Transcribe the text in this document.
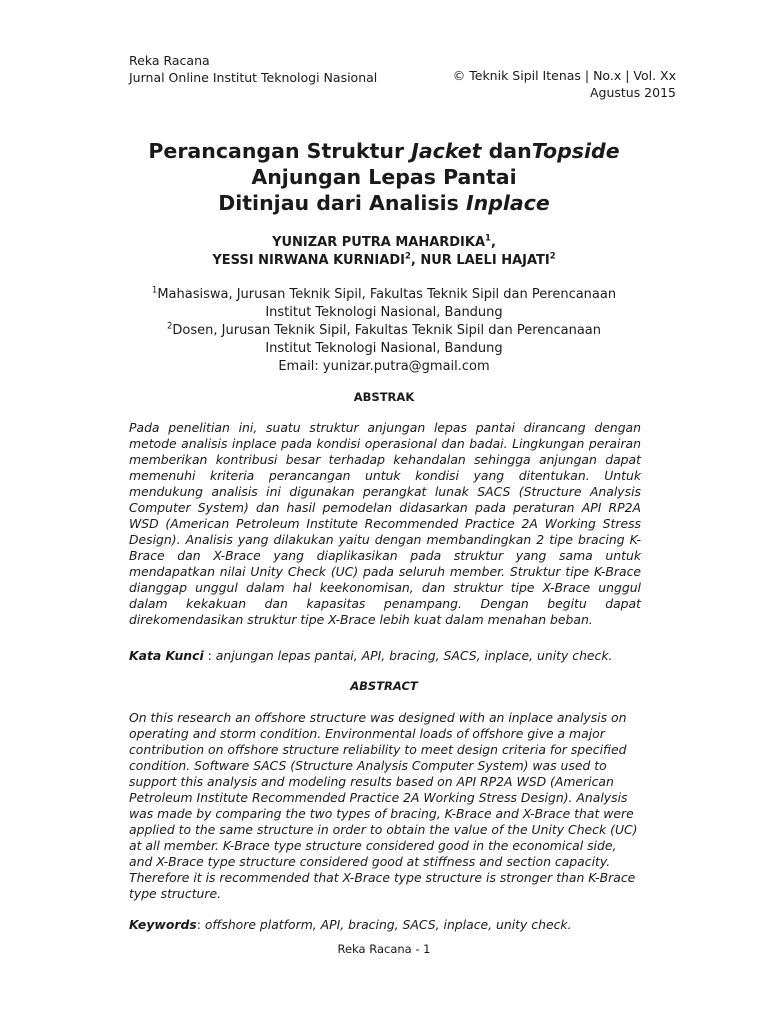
Reka Racana
Jurnal Online Institut Teknologi Nasional	© Teknik Sipil Itenas | No.x | Vol. Xx
Agustus 2015
Perancangan Struktur Jacket danTopside
Anjungan Lepas Pantai
Ditinjau dari Analisis Inplace
YUNIZAR PUTRA MAHARDIKA$^1$,
YESSI NIRWANA KURNIADI$^2$, NUR LAELI HAJATI$^2$
$^1$Mahasiswa, Jurusan Teknik Sipil, Fakultas Teknik Sipil dan Perencanaan
Institut Teknologi Nasional, Bandung
$^2$Dosen, Jurusan Teknik Sipil, Fakultas Teknik Sipil dan Perencanaan
Institut Teknologi Nasional, Bandung
Email: yunizar.putra@gmail.com
ABSTRAK
Pada penelitian ini, suatu struktur anjungan lepas pantai dirancang dengan metode analisis inplace pada kondisi operasional dan badai. Lingkungan perairan memberikan kontribusi besar terhadap kehandalan sehingga anjungan dapat memenuhi kriteria perancangan untuk kondisi yang ditentukan. Untuk mendukung analisis ini digunakan perangkat lunak SACS (Structure Analysis Computer System) dan hasil pemodelan didasarkan pada peraturan API RP2A WSD (American Petroleum Institute Recommended Practice 2A Working Stress Design). Analisis yang dilakukan yaitu dengan membandingkan 2 tipe bracing K-Brace dan X-Brace yang diaplikasikan pada struktur yang sama untuk mendapatkan nilai Unity Check (UC) pada seluruh member. Struktur tipe K-Brace dianggap unggul dalam hal keekonomisan, dan struktur tipe X-Brace unggul dalam kekakuan dan kapasitas penampang. Dengan begitu dapat direkomendasikan struktur tipe X-Brace lebih kuat dalam menahan beban.
Kata Kunci : anjungan lepas pantai, API, bracing, SACS, inplace, unity check.
ABSTRACT
On this research an offshore structure was designed with an inplace analysis on operating and storm condition. Environmental loads of offshore give a major contribution on offshore structure reliability to meet design criteria for specified condition. Software SACS (Structure Analysis Computer System) was used to support this analysis and modeling results based on API RP2A WSD (American Petroleum Institute Recommended Practice 2A Working Stress Design). Analysis was made by comparing the two types of bracing, K-Brace and X-Brace that were applied to the same structure in order to obtain the value of the Unity Check (UC) at all member. K-Brace type structure considered good in the economical side, and X-Brace type structure considered good at stiffness and section capacity. Therefore it is recommended that X-Brace type structure is stronger than K-Brace type structure.
Keywords: offshore platform, API, bracing, SACS, inplace, unity check.
Reka Racana - 1
